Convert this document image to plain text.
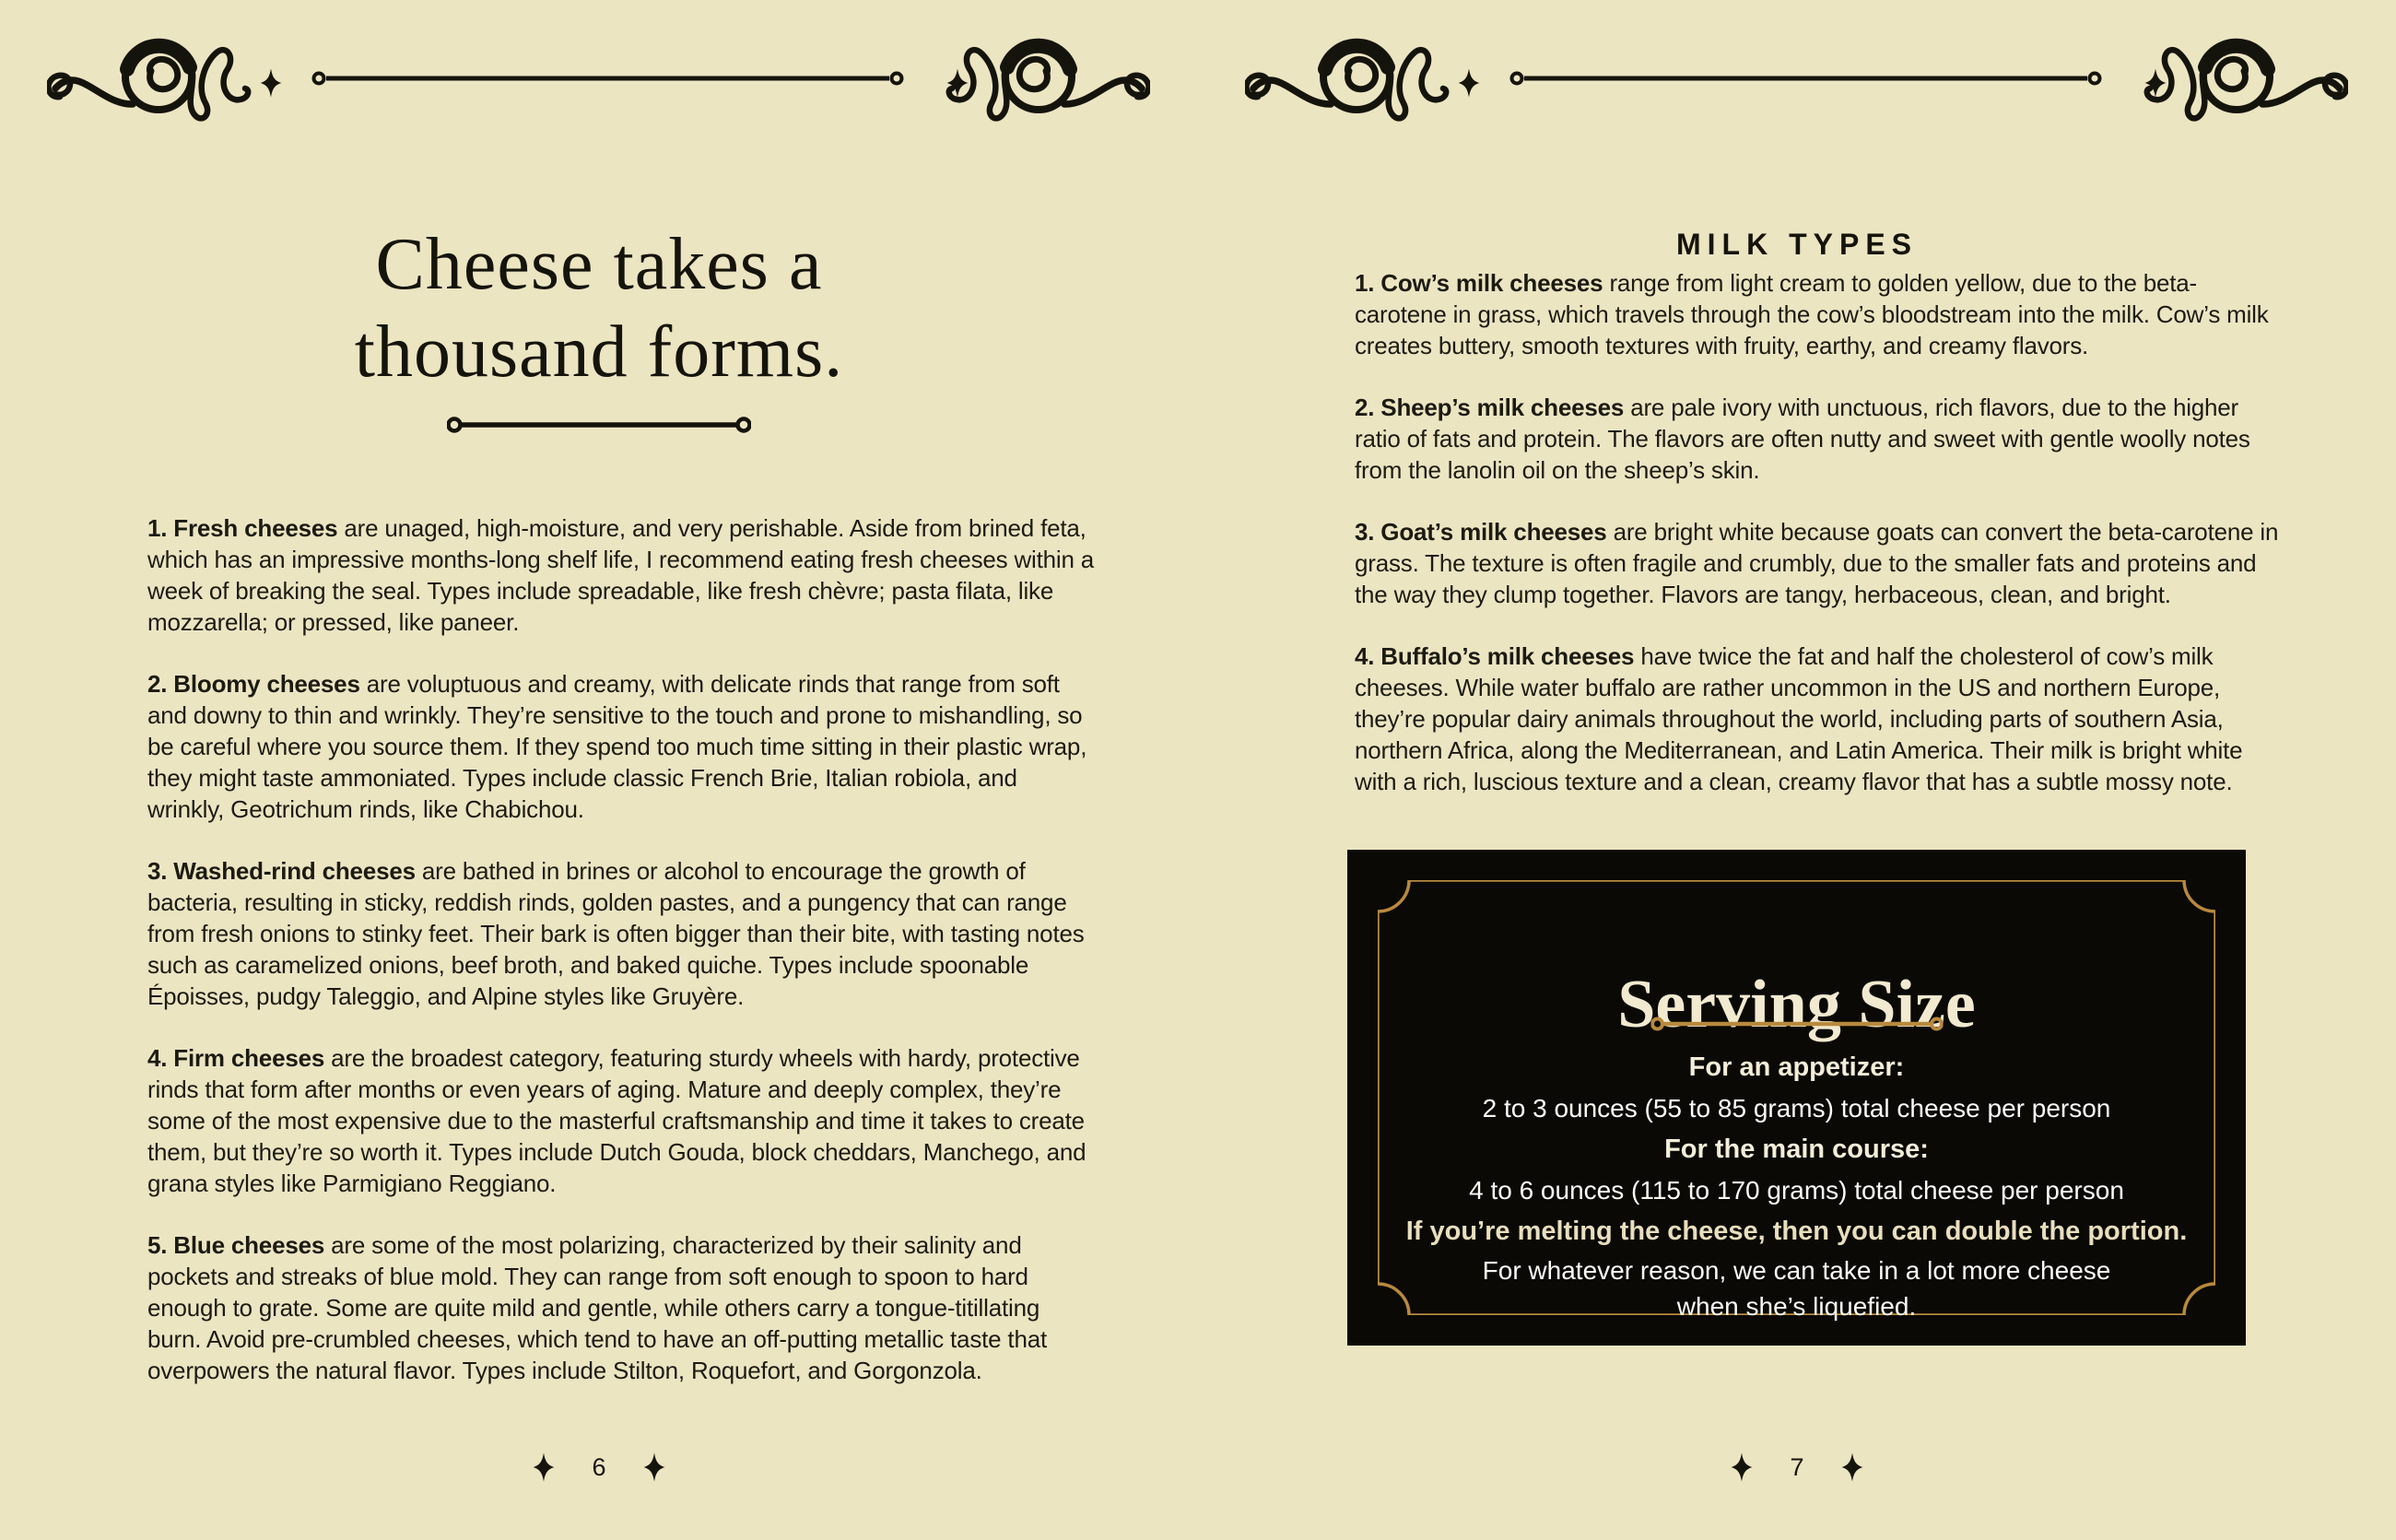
Cheese takes a
thousand forms.

1. Fresh cheeses are unaged, high-moisture, and very perishable. Aside from brined feta, which has an impressive months-long shelf life, I recommend eating fresh cheeses within a week of breaking the seal. Types include spreadable, like fresh chèvre; pasta filata, like mozzarella; or pressed, like paneer.

2. Bloomy cheeses are voluptuous and creamy, with delicate rinds that range from soft and downy to thin and wrinkly. They’re sensitive to the touch and prone to mishandling, so be careful where you source them. If they spend too much time sitting in their plastic wrap, they might taste ammoniated. Types include classic French Brie, Italian robiola, and wrinkly, Geotrichum rinds, like Chabichou.

3. Washed-rind cheeses are bathed in brines or alcohol to encourage the growth of bacteria, resulting in sticky, reddish rinds, golden pastes, and a pungency that can range from fresh onions to stinky feet. Their bark is often bigger than their bite, with tasting notes such as caramelized onions, beef broth, and baked quiche. Types include spoonable Époisses, pudgy Taleggio, and Alpine styles like Gruyère.

4. Firm cheeses are the broadest category, featuring sturdy wheels with hardy, protective rinds that form after months or even years of aging. Mature and deeply complex, they’re some of the most expensive due to the masterful craftsmanship and time it takes to create them, but they’re so worth it. Types include Dutch Gouda, block cheddars, Manchego, and grana styles like Parmigiano Reggiano.

5. Blue cheeses are some of the most polarizing, characterized by their salinity and pockets and streaks of blue mold. They can range from soft enough to spoon to hard enough to grate. Some are quite mild and gentle, while others carry a tongue-titillating burn. Avoid pre-crumbled cheeses, which tend to have an off-putting metallic taste that overpowers the natural flavor. Types include Stilton, Roquefort, and Gorgonzola.

6
MILK TYPES

1. Cow’s milk cheeses range from light cream to golden yellow, due to the beta-carotene in grass, which travels through the cow’s bloodstream into the milk. Cow’s milk creates buttery, smooth textures with fruity, earthy, and creamy flavors.

2. Sheep’s milk cheeses are pale ivory with unctuous, rich flavors, due to the higher ratio of fats and protein. The flavors are often nutty and sweet with gentle woolly notes from the lanolin oil on the sheep’s skin.

3. Goat’s milk cheeses are bright white because goats can convert the beta-carotene in grass. The texture is often fragile and crumbly, due to the smaller fats and proteins and the way they clump together. Flavors are tangy, herbaceous, clean, and bright.

4. Buffalo’s milk cheeses have twice the fat and half the cholesterol of cow’s milk cheeses. While water buffalo are rather uncommon in the US and northern Europe, they’re popular dairy animals throughout the world, including parts of southern Asia, northern Africa, along the Mediterranean, and Latin America. Their milk is bright white with a rich, luscious texture and a clean, creamy flavor that has a subtle mossy note.

Serving Size
For an appetizer:
2 to 3 ounces (55 to 85 grams) total cheese per person
For the main course:
4 to 6 ounces (115 to 170 grams) total cheese per person
If you’re melting the cheese, then you can double the portion.
For whatever reason, we can take in a lot more cheese
when she’s liquefied.
7
